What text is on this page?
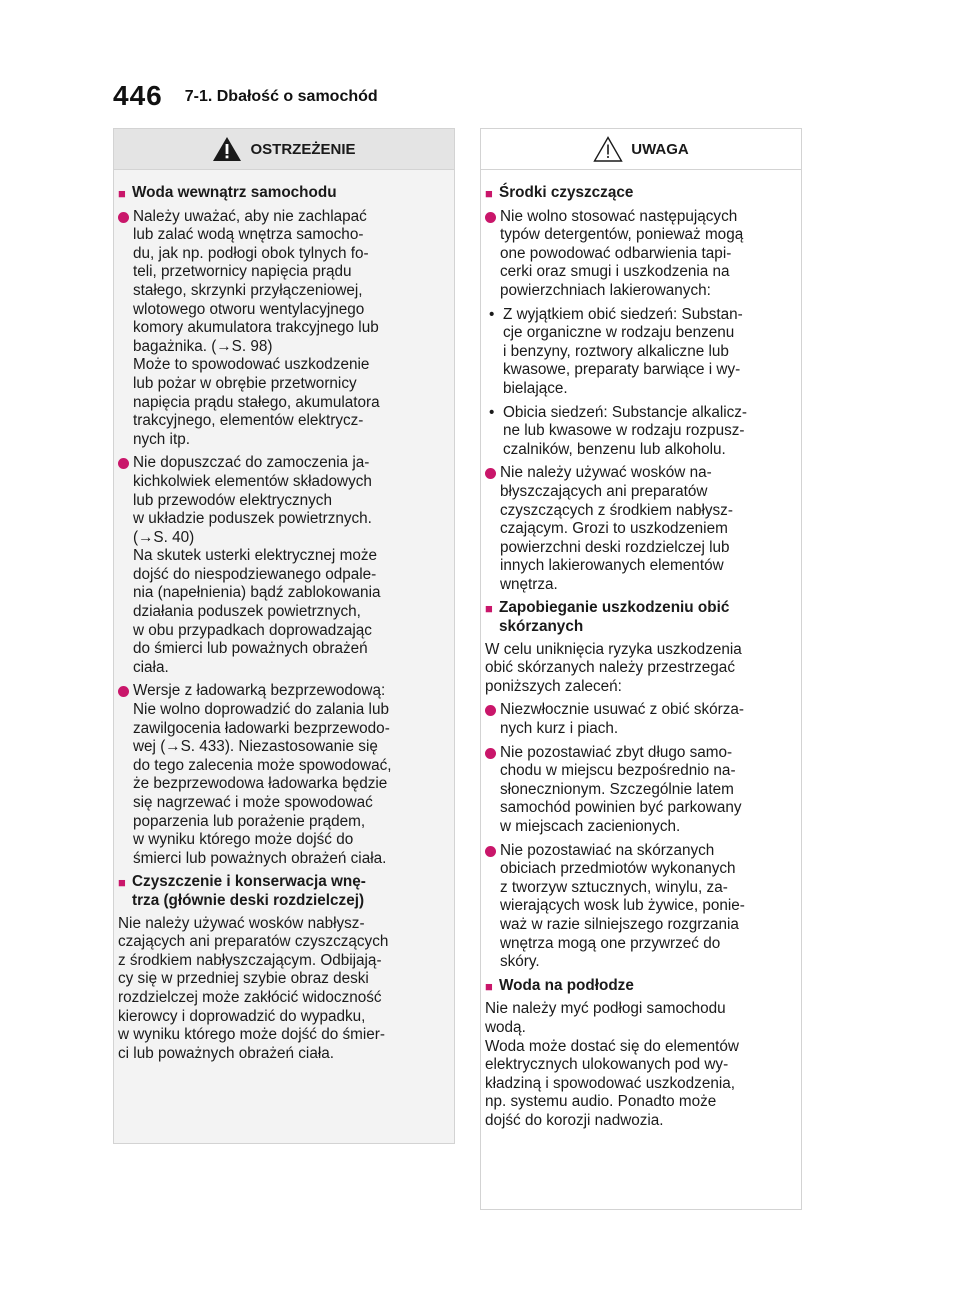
446 7-1. Dbałość o samochód
OSTRZEŻENIE
■ Woda wewnątrz samochodu
Należy uważać, aby nie zachlapać
lub zalać wodą wnętrza samocho-
du, jak np. podłogi obok tylnych fo-
teli, przetwornicy napięcia prądu
stałego, skrzynki przyłączeniowej,
wlotowego otworu wentylacyjnego
komory akumulatora trakcyjnego lub
bagażnika. (→S. 98)
Może to spowodować uszkodzenie
lub pożar w obrębie przetwornicy
napięcia prądu stałego, akumulatora
trakcyjnego, elementów elektrycz-
nych itp.
Nie dopuszczać do zamoczenia ja-
kichkolwiek elementów składowych
lub przewodów elektrycznych
w układzie poduszek powietrznych.
(→S. 40)
Na skutek usterki elektrycznej może
dojść do niespodziewanego odpale-
nia (napełnienia) bądź zablokowania
działania poduszek powietrznych,
w obu przypadkach doprowadzając
do śmierci lub poważnych obrażeń
ciała.
Wersje z ładowarką bezprzewodową:
Nie wolno doprowadzić do zalania lub
zawilgocenia ładowarki bezprzewodo-
wej (→S. 433). Niezastosowanie się
do tego zalecenia może spowodować,
że bezprzewodowa ładowarka będzie
się nagrzewać i może spowodować
poparzenia lub porażenie prądem,
w wyniku którego może dojść do
śmierci lub poważnych obrażeń ciała.
■ Czyszczenie i konserwacja wnę-
trza (głównie deski rozdzielczej)
Nie należy używać wosków nabłysz-
czających ani preparatów czyszczących
z środkiem nabłyszczającym. Odbijają-
cy się w przedniej szybie obraz deski
rozdzielczej może zakłócić widoczność
kierowcy i doprowadzić do wypadku,
w wyniku którego może dojść do śmier-
ci lub poważnych obrażeń ciała.
UWAGA
■ Środki czyszczące
Nie wolno stosować następujących
typów detergentów, ponieważ mogą
one powodować odbarwienia tapi-
cerki oraz smugi i uszkodzenia na
powierzchniach lakierowanych:
• Z wyjątkiem obić siedzeń: Substan-
cje organiczne w rodzaju benzenu
i benzyny, roztwory alkaliczne lub
kwasowe, preparaty barwiące i wy-
bielające.
• Obicia siedzeń: Substancje alkalicz-
ne lub kwasowe w rodzaju rozpusz-
czalników, benzenu lub alkoholu.
Nie należy używać wosków na-
błyszczających ani preparatów
czyszczących z środkiem nabłysz-
czającym. Grozi to uszkodzeniem
powierzchni deski rozdzielczej lub
innych lakierowanych elementów
wnętrza.
■ Zapobieganie uszkodzeniu obić
skórzanych
W celu uniknięcia ryzyka uszkodzenia
obić skórzanych należy przestrzegać
poniższych zaleceń:
Niezwłocznie usuwać z obić skórza-
nych kurz i piach.
Nie pozostawiać zbyt długo samo-
chodu w miejscu bezpośrednio na-
słonecznionym. Szczególnie latem
samochód powinien być parkowany
w miejscach zacienionych.
Nie pozostawiać na skórzanych
obiciach przedmiotów wykonanych
z tworzyw sztucznych, winylu, za-
wierających wosk lub żywice, ponie-
waż w razie silniejszego rozgrzania
wnętrza mogą one przywrzeć do
skóry.
■ Woda na podłodze
Nie należy myć podłogi samochodu
wodą.
Woda może dostać się do elementów
elektrycznych ulokowanych pod wy-
kładziną i spowodować uszkodzenia,
np. systemu audio. Ponadto może
dojść do korozji nadwozia.
